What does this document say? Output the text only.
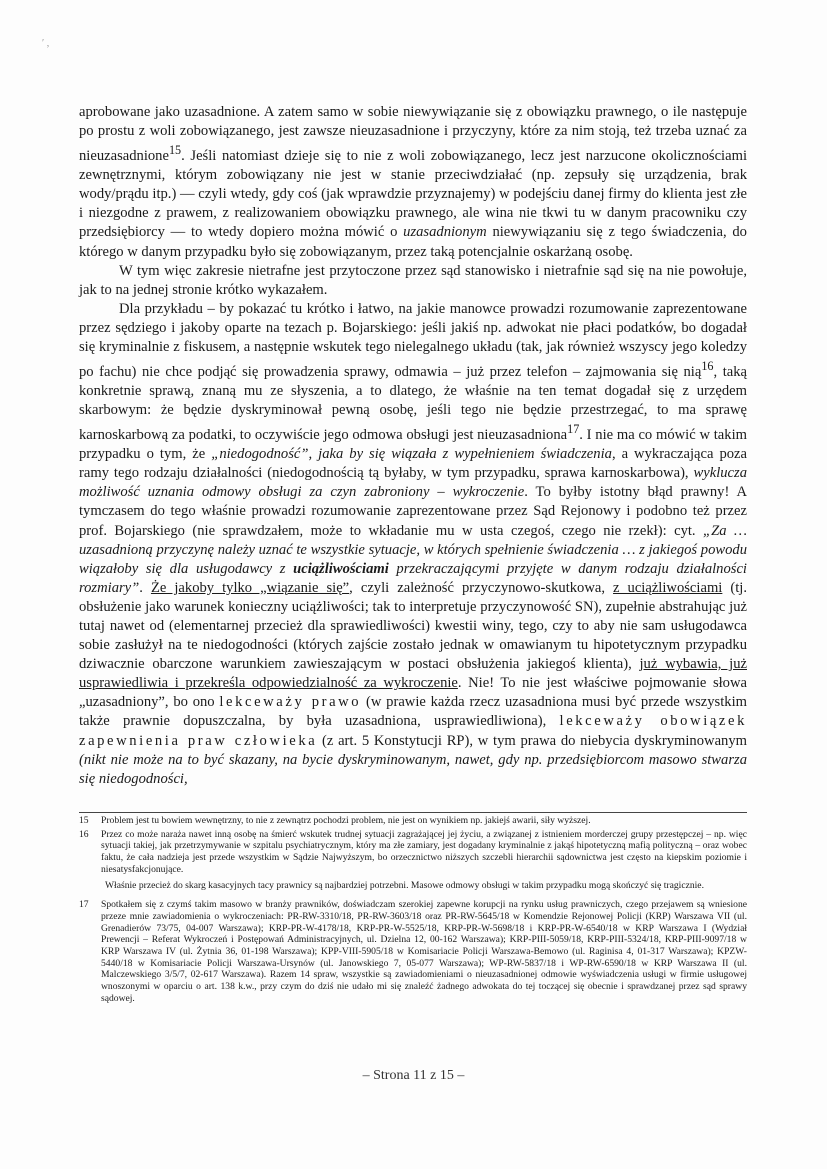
′ ,

aprobowane jako uzasadnione. A zatem samo w sobie niewywiązanie się z obowiązku prawnego, o ile następuje po prostu z woli zobowiązanego, jest zawsze nieuzasadnione i przyczyny, które za nim stoją, też trzeba uznać za nieuzasadnione$^{15}$. Jeśli natomiast dzieje się to nie z woli zobowiązanego, lecz jest narzucone okolicznościami zewnętrznymi, którym zobowiązany nie jest w stanie przeciwdziałać (np. zepsuły się urządzenia, brak wody/prądu itp.) — czyli wtedy, gdy coś (jak wprawdzie przyznajemy) w podejściu danej firmy do klienta jest złe i niezgodne z prawem, z realizowaniem obowiązku prawnego, ale wina nie tkwi tu w danym pracowniku czy przedsiębiorcy — to wtedy dopiero można mówić o uzasadnionym niewywiązaniu się z tego świadczenia, do którego w danym przypadku było się zobowiązanym, przez taką potencjalnie oskarżaną osobę.

W tym więc zakresie nietrafne jest przytoczone przez sąd stanowisko i nietrafnie sąd się na nie powołuje, jak to na jednej stronie krótko wykazałem.

Dla przykładu – by pokazać tu krótko i łatwo, na jakie manowce prowadzi rozumowanie zaprezentowane przez sędziego i jakoby oparte na tezach p. Bojarskiego: jeśli jakiś np. adwokat nie płaci podatków, bo dogadał się kryminalnie z fiskusem, a następnie wskutek tego nielegalnego układu (tak, jak również wszyscy jego koledzy po fachu) nie chce podjąć się prowadzenia sprawy, odmawia – już przez telefon – zajmowania się nią$^{16}$, taką konkretnie sprawą, znaną mu ze słyszenia, a to dlatego, że właśnie na ten temat dogadał się z urzędem skarbowym: że będzie dyskryminował pewną osobę, jeśli tego nie będzie przestrzegać, to ma sprawę karnoskarbową za podatki, to oczywiście jego odmowa obsługi jest nieuzasadniona$^{17}$. I nie ma co mówić w takim przypadku o tym, że „niedogodność”, jaka by się wiązała z wypełnieniem świadczenia, a wykraczająca poza ramy tego rodzaju działalności (niedogodnością tą byłaby, w tym przypadku, sprawa karnoskarbowa), wyklucza możliwość uznania odmowy obsługi za czyn zabroniony – wykroczenie. To byłby istotny błąd prawny! A tymczasem do tego właśnie prowadzi rozumowanie zaprezentowane przez Sąd Rejonowy i podobno też przez prof. Bojarskiego (nie sprawdzałem, może to wkładanie mu w usta czegoś, czego nie rzekł): cyt. „Za … uzasadnioną przyczynę należy uznać te wszystkie sytuacje, w których spełnienie świadczenia … z jakiegoś powodu wiązałoby się dla usługodawcy z uciążliwościami przekraczającymi przyjęte w danym rodzaju działalności rozmiary”. Że jakoby tylko „wiązanie się”, czyli zależność przyczynowo-skutkowa, z uciążliwościami (tj. obsłużenie jako warunek konieczny uciążliwości; tak to interpretuje przyczynowość SN), zupełnie abstrahując już tutaj nawet od (elementarnej przecież dla sprawiedliwości) kwestii winy, tego, czy to aby nie sam usługodawca sobie zasłużył na te niedogodności (których zajście zostało jednak w omawianym tu hipotetycznym przypadku dziwacznie obarczone warunkiem zawieszającym w postaci obsłużenia jakiegoś klienta), już wybawia, już usprawiedliwia i przekreśla odpowiedzialność za wykroczenie. Nie! To nie jest właściwe pojmowanie słowa „uzasadniony”, bo ono lekceważy prawo (w prawie każda rzecz uzasadniona musi być przede wszystkim także prawnie dopuszczalna, by była uzasadniona, usprawiedliwiona), lekceważy obowiązek zapewnienia praw człowieka (z art. 5 Konstytucji RP), w tym prawa do niebycia dyskryminowanym (nikt nie może na to być skazany, na bycie dyskryminowanym, nawet, gdy np. przedsiębiorcom masowo stwarza się niedogodności,

15	Problem jest tu bowiem wewnętrzny, to nie z zewnątrz pochodzi problem, nie jest on wynikiem np. jakiejś awarii, siły wyższej.

16	Przez co może naraża nawet inną osobę na śmierć wskutek trudnej sytuacji zagrażającej jej życiu, a związanej z istnieniem morderczej grupy przestępczej – np. więc sytuacji takiej, jak przetrzymywanie w szpitalu psychiatrycznym, który ma złe zamiary, jest dogadany kryminalnie z jakąś hipotetyczną mafią polityczną – oraz wobec faktu, że cała nadzieja jest przede wszystkim w Sądzie Najwyższym, bo orzecznictwo niższych szczebli hierarchii sądownictwa jest często na kiepskim poziomie i niesatysfakcjonujące.

Właśnie przecież do skarg kasacyjnych tacy prawnicy są najbardziej potrzebni. Masowe odmowy obsługi w takim przypadku mogą skończyć się tragicznie.

17	Spotkałem się z czymś takim masowo w branży prawników, doświadczam szerokiej zapewne korupcji na rynku usług prawniczych, czego przejawem są wniesione przeze mnie zawiadomienia o wykroczeniach: PR-RW-3310/18, PR-RW-3603/18 oraz PR-RW-5645/18 w Komendzie Rejonowej Policji (KRP) Warszawa VII (ul. Grenadierów 73/75, 04-007 Warszawa); KRP-PR-W-4178/18, KRP-PR-W-5525/18, KRP-PR-W-5698/18 i KRP-PR-W-6540/18 w KRP Warszawa I (Wydział Prewencji – Referat Wykroczeń i Postępowań Administracyjnych, ul. Dzielna 12, 00-162 Warszawa); KRP-PIII-5059/18, KRP-PIII-5324/18, KRP-PIII-9097/18 w KRP Warszawa IV (ul. Żytnia 36, 01-198 Warszawa); KPP-VIII-5905/18 w Komisariacie Policji Warszawa-Bemowo (ul. Raginisa 4, 01-317 Warszawa); KPZW-5440/18 w Komisariacie Policji Warszawa-Ursynów (ul. Janowskiego 7, 05-077 Warszawa); WP-RW-5837/18 i WP-RW-6590/18 w KRP Warszawa II (ul. Malczewskiego 3/5/7, 02-617 Warszawa). Razem 14 spraw, wszystkie są zawiadomieniami o nieuzasadnionej odmowie wyświadczenia usługi w firmie usługowej wnoszonymi w oparciu o art. 138 k.w., przy czym do dziś nie udało mi się znaleźć żadnego adwokata do tej toczącej się obecnie i sprawdzanej przez sąd sprawy sądowej.

– Strona 11 z 15 –
